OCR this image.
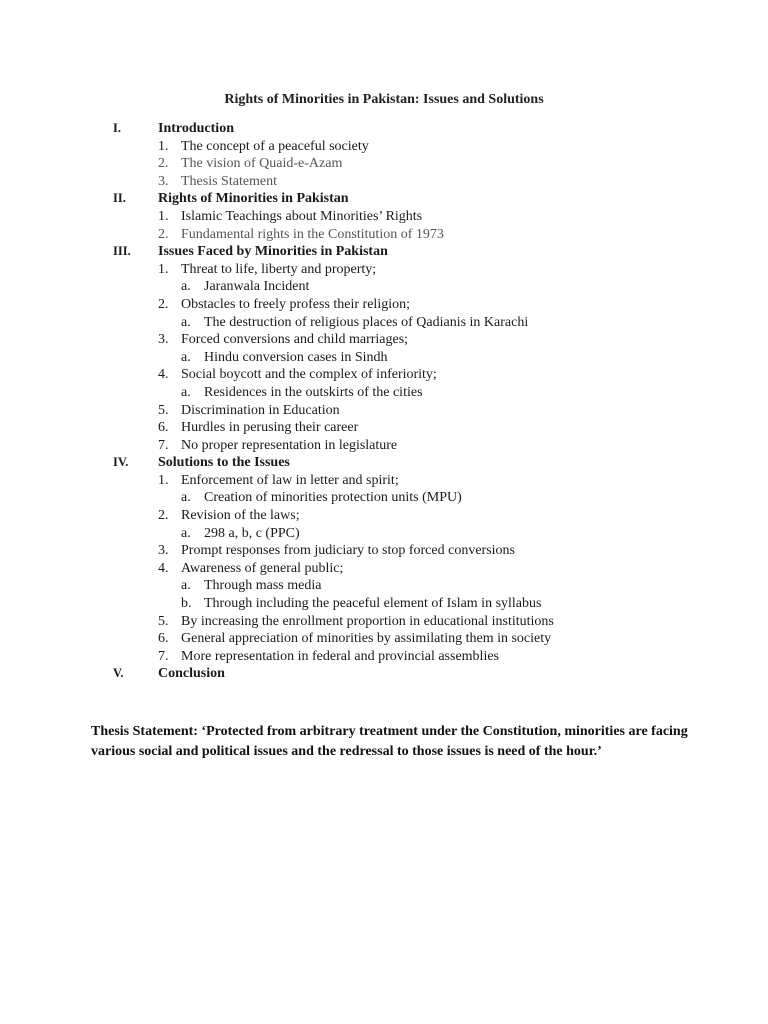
Rights of Minorities in Pakistan: Issues and Solutions
I.	Introduction
1. The concept of a peaceful society
2. The vision of Quaid-e-Azam
3. Thesis Statement
II. Rights of Minorities in Pakistan
1. Islamic Teachings about Minorities’ Rights
2. Fundamental rights in the Constitution of 1973
III. Issues Faced by Minorities in Pakistan
1. Threat to life, liberty and property;
a. Jaranwala Incident
2. Obstacles to freely profess their religion;
a. The destruction of religious places of Qadianis in Karachi
3. Forced conversions and child marriages;
a. Hindu conversion cases in Sindh
4. Social boycott and the complex of inferiority;
a. Residences in the outskirts of the cities
5. Discrimination in Education
6. Hurdles in perusing their career
7. No proper representation in legislature
IV. Solutions to the Issues
1. Enforcement of law in letter and spirit;
a. Creation of minorities protection units (MPU)
2. Revision of the laws;
a. 298 a, b, c (PPC)
3. Prompt responses from judiciary to stop forced conversions
4. Awareness of general public;
a. Through mass media
b. Through including the peaceful element of Islam in syllabus
5. By increasing the enrollment proportion in educational institutions
6. General appreciation of minorities by assimilating them in society
7. More representation in federal and provincial assemblies
V. Conclusion
Thesis Statement: ‘Protected from arbitrary treatment under the Constitution, minorities are facing various social and political issues and the redressal to those issues is need of the hour.’
